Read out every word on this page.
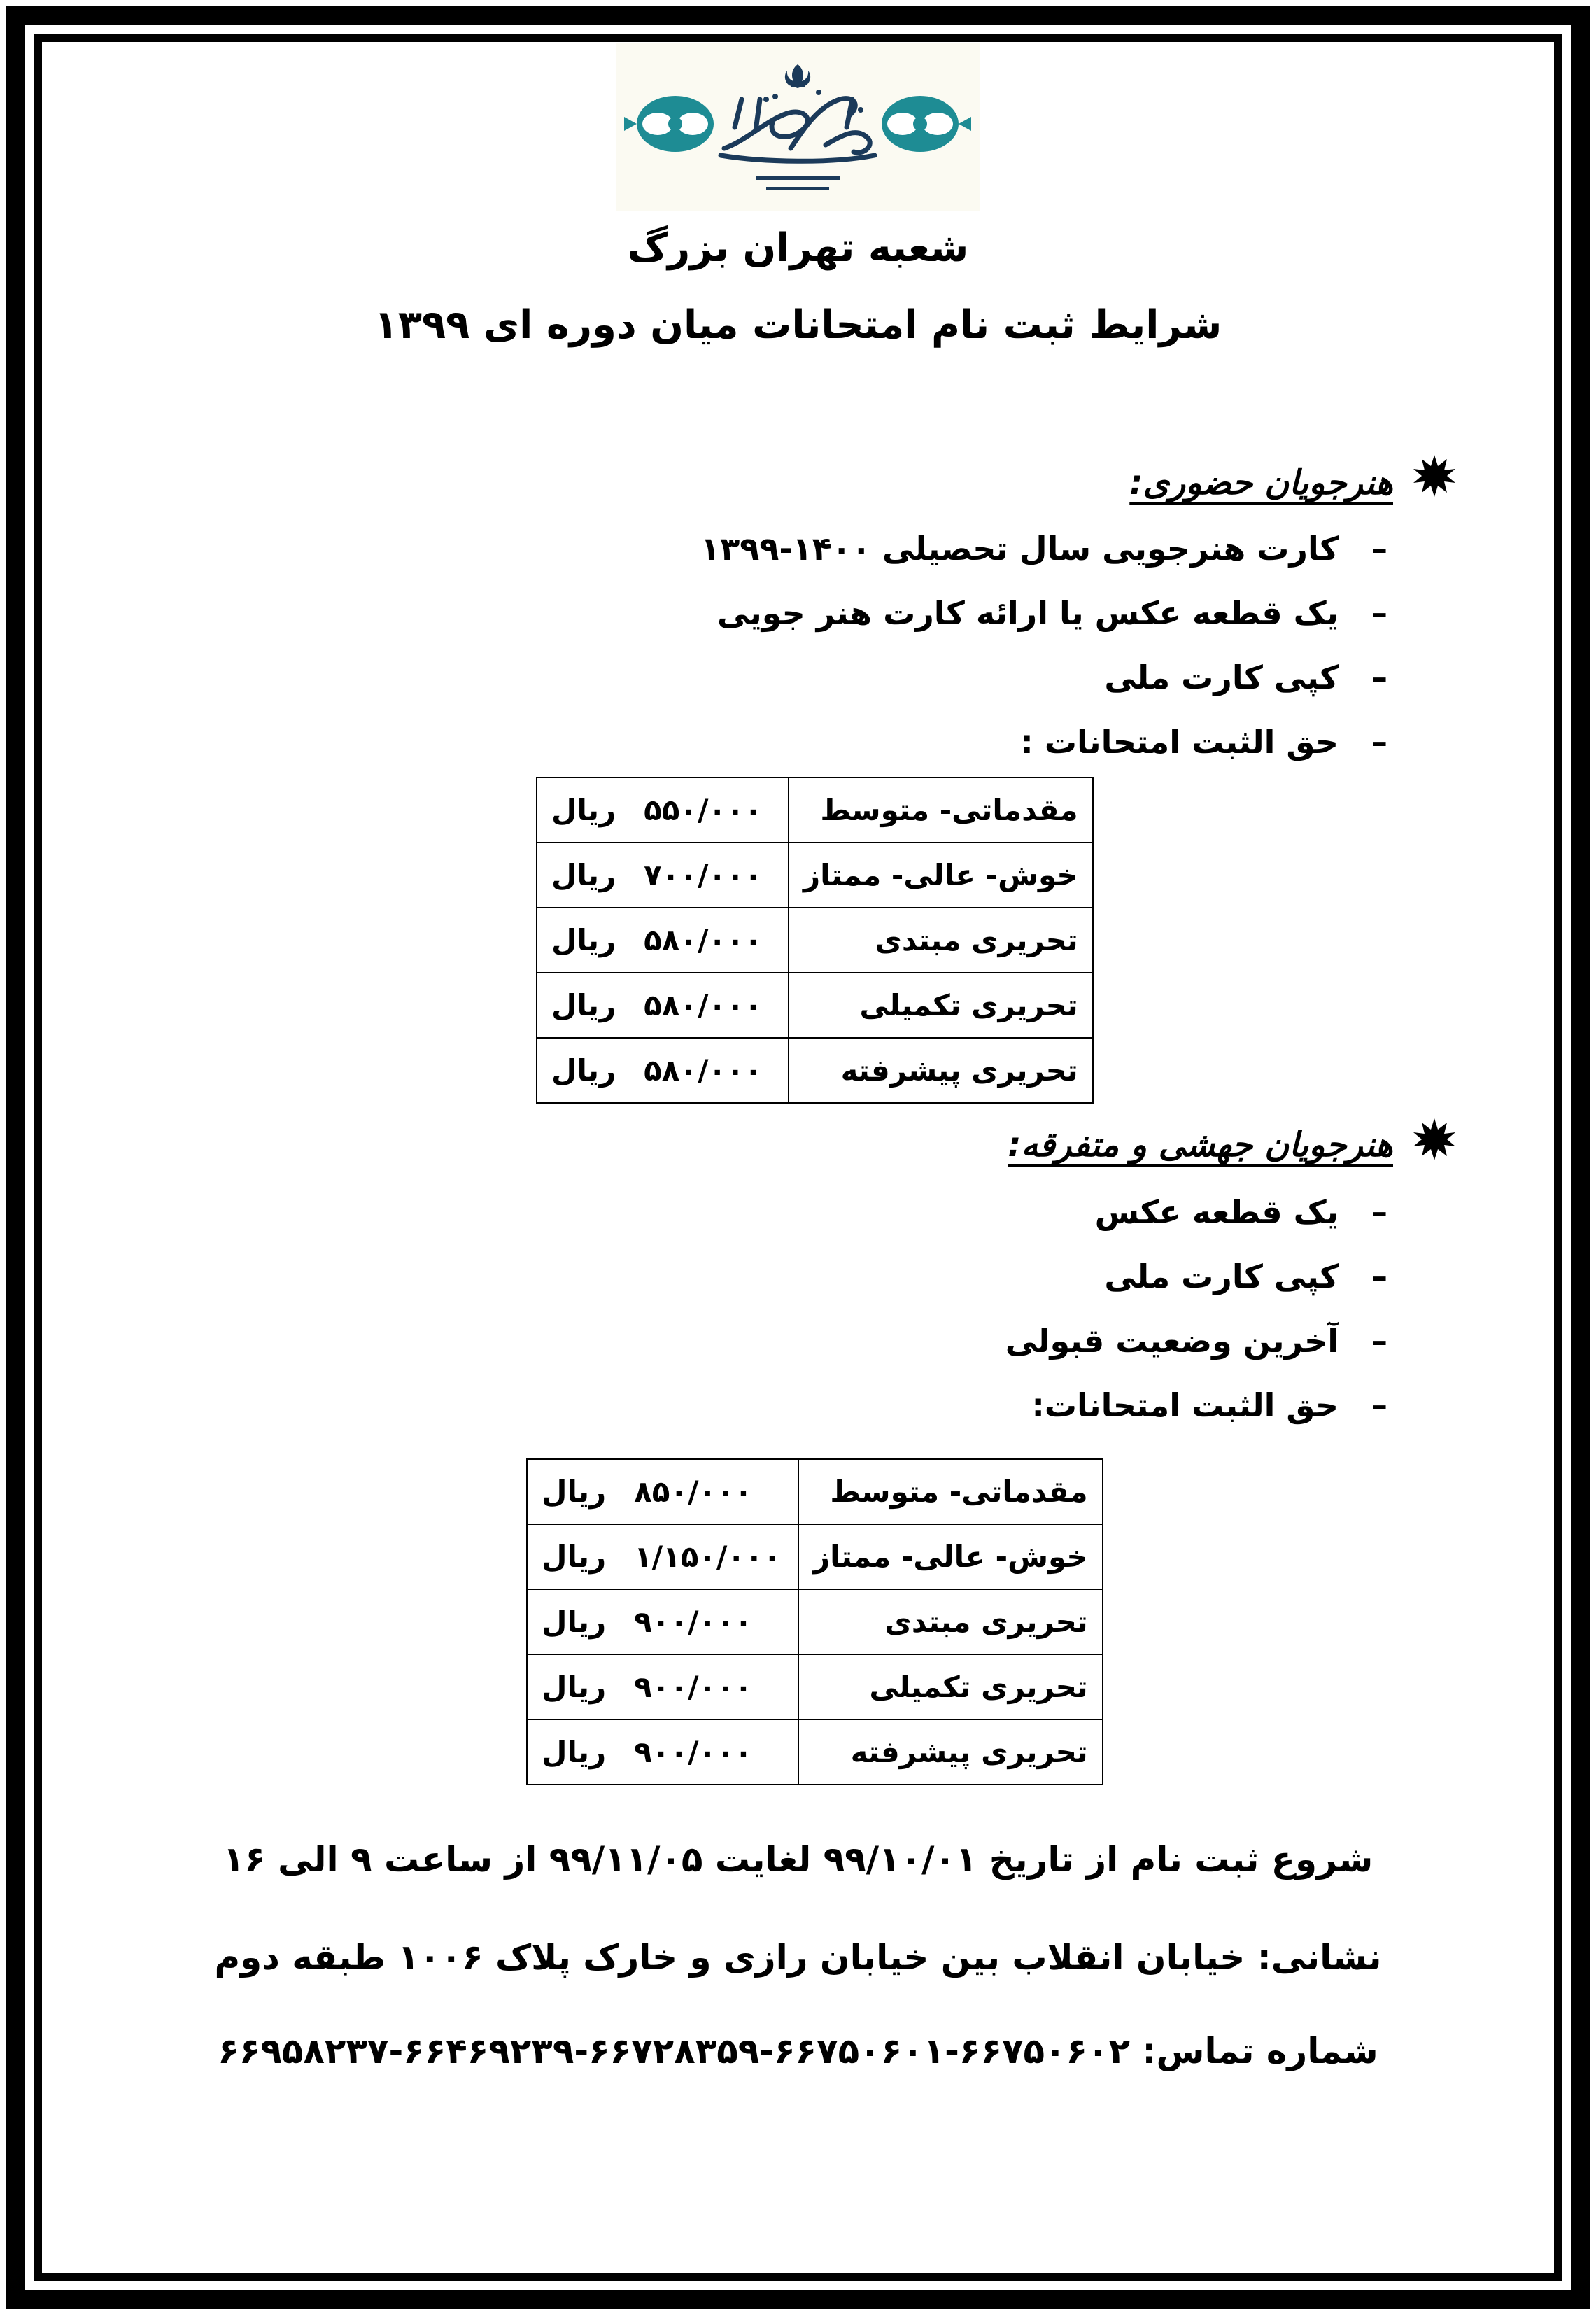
شعبه تهران بزرگ
شرایط ثبت نام امتحانات میان دوره ای ۱۳۹۹
هنرجویان حضوری:
–
کارت هنرجویی سال تحصیلی ۱۴۰۰-۱۳۹۹
–
یک قطعه عکس یا ارائه کارت هنر جویی
–
کپی کارت ملی
–
حق الثبت امتحانات :
مقدماتی- متوسط	۵۵۰/۰۰۰ریال
خوش- عالی- ممتاز	۷۰۰/۰۰۰ریال
تحریری مبتدی	۵۸۰/۰۰۰ریال
تحریری تکمیلی	۵۸۰/۰۰۰ریال
تحریری پیشرفته	۵۸۰/۰۰۰ریال
هنرجویان جهشی و متفرقه:
–
یک قطعه عکس
–
کپی کارت ملی
–
آخرین وضعیت قبولی
–
حق الثبت امتحانات:
مقدماتی- متوسط	۸۵۰/۰۰۰ریال
خوش- عالی- ممتاز	۱/۱۵۰/۰۰۰ریال
تحریری مبتدی	۹۰۰/۰۰۰ریال
تحریری تکمیلی	۹۰۰/۰۰۰ریال
تحریری پیشرفته	۹۰۰/۰۰۰ریال
شروع ثبت نام از تاریخ ۹۹/۱۰/۰۱ لغایت ۹۹/۱۱/۰۵ از ساعت ۹ الی ۱۶
نشانی: خیابان انقلاب بین خیابان رازی و خارک پلاک ۱۰۰۶ طبقه دوم
شماره تماس: ۶۶۷۵۰۶۰۲-۶۶۷۵۰۶۰۱-۶۶۷۲۸۳۵۹-۶۶۴۶۹۲۳۹-۶۶۹۵۸۲۳۷
